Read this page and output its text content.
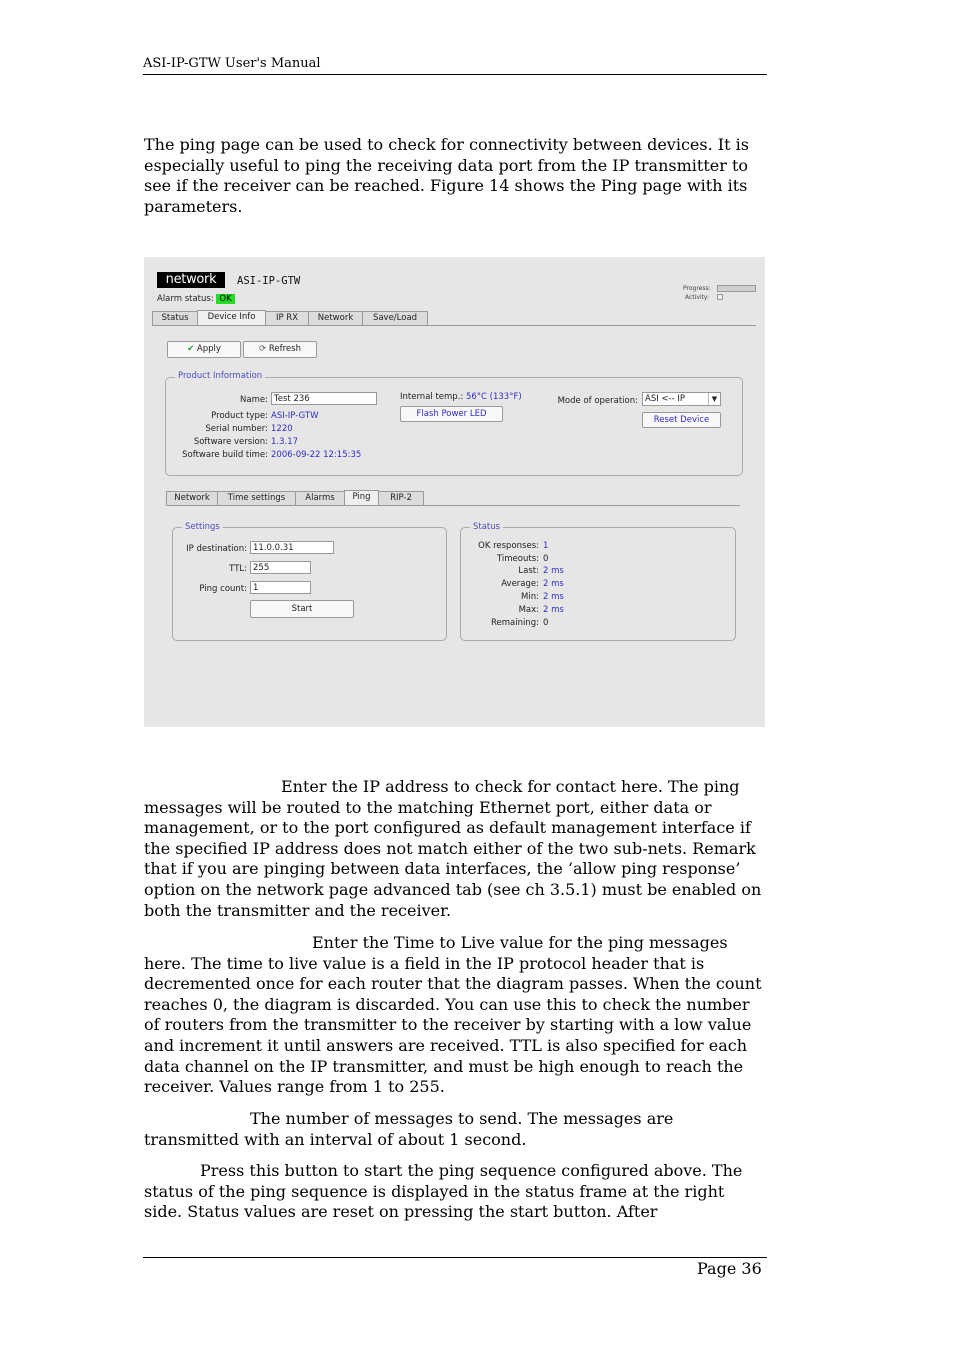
ASI-IP-GTW User's Manual

The ping page can be used to check for connectivity between devices. It is especially useful to ping the receiving data port from the IP transmitter to see if the receiver can be reached. Figure 14 shows the Ping page with its parameters.

network	ASI-IP-GTW
Alarm status: OK
Progress:
Activity:
Status	Device Info	IP RX	Network	Save/Load
✔ Apply	⟳ Refresh
Product Information
Name: Test 236
Product type: ASI-IP-GTW
Serial number: 1220
Software version: 1.3.17
Software build time: 2006-09-22 12:15:35
Internal temp.: 56°C (133°F)
Flash Power LED
Mode of operation: ASI <-- IP	▼
Reset Device
Network	Time settings	Alarms	Ping	RIP-2
Settings
IP destination: 11.0.0.31
TTL: 255
Ping count: 1
Start
Status
OK responses: 1
Timeouts: 0
Last: 2 ms
Average: 2 ms
Min: 2 ms
Max: 2 ms
Remaining: 0

Enter the IP address to check for contact here. The ping messages will be routed to the matching Ethernet port, either data or management, or to the port configured as default management interface if the specified IP address does not match either of the two sub-nets. Remark that if you are pinging between data interfaces, the ‘allow ping response’ option on the network page advanced tab (see ch 3.5.1) must be enabled on both the transmitter and the receiver.

Enter the Time to Live value for the ping messages here. The time to live value is a field in the IP protocol header that is decremented once for each router that the diagram passes. When the count reaches 0, the diagram is discarded. You can use this to check the number of routers from the transmitter to the receiver by starting with a low value and increment it until answers are received. TTL is also specified for each data channel on the IP transmitter, and must be high enough to reach the receiver. Values range from 1 to 255.

The number of messages to send. The messages are transmitted with an interval of about 1 second.

Press this button to start the ping sequence configured above. The status of the ping sequence is displayed in the status frame at the right side. Status values are reset on pressing the start button. After

Page 36
